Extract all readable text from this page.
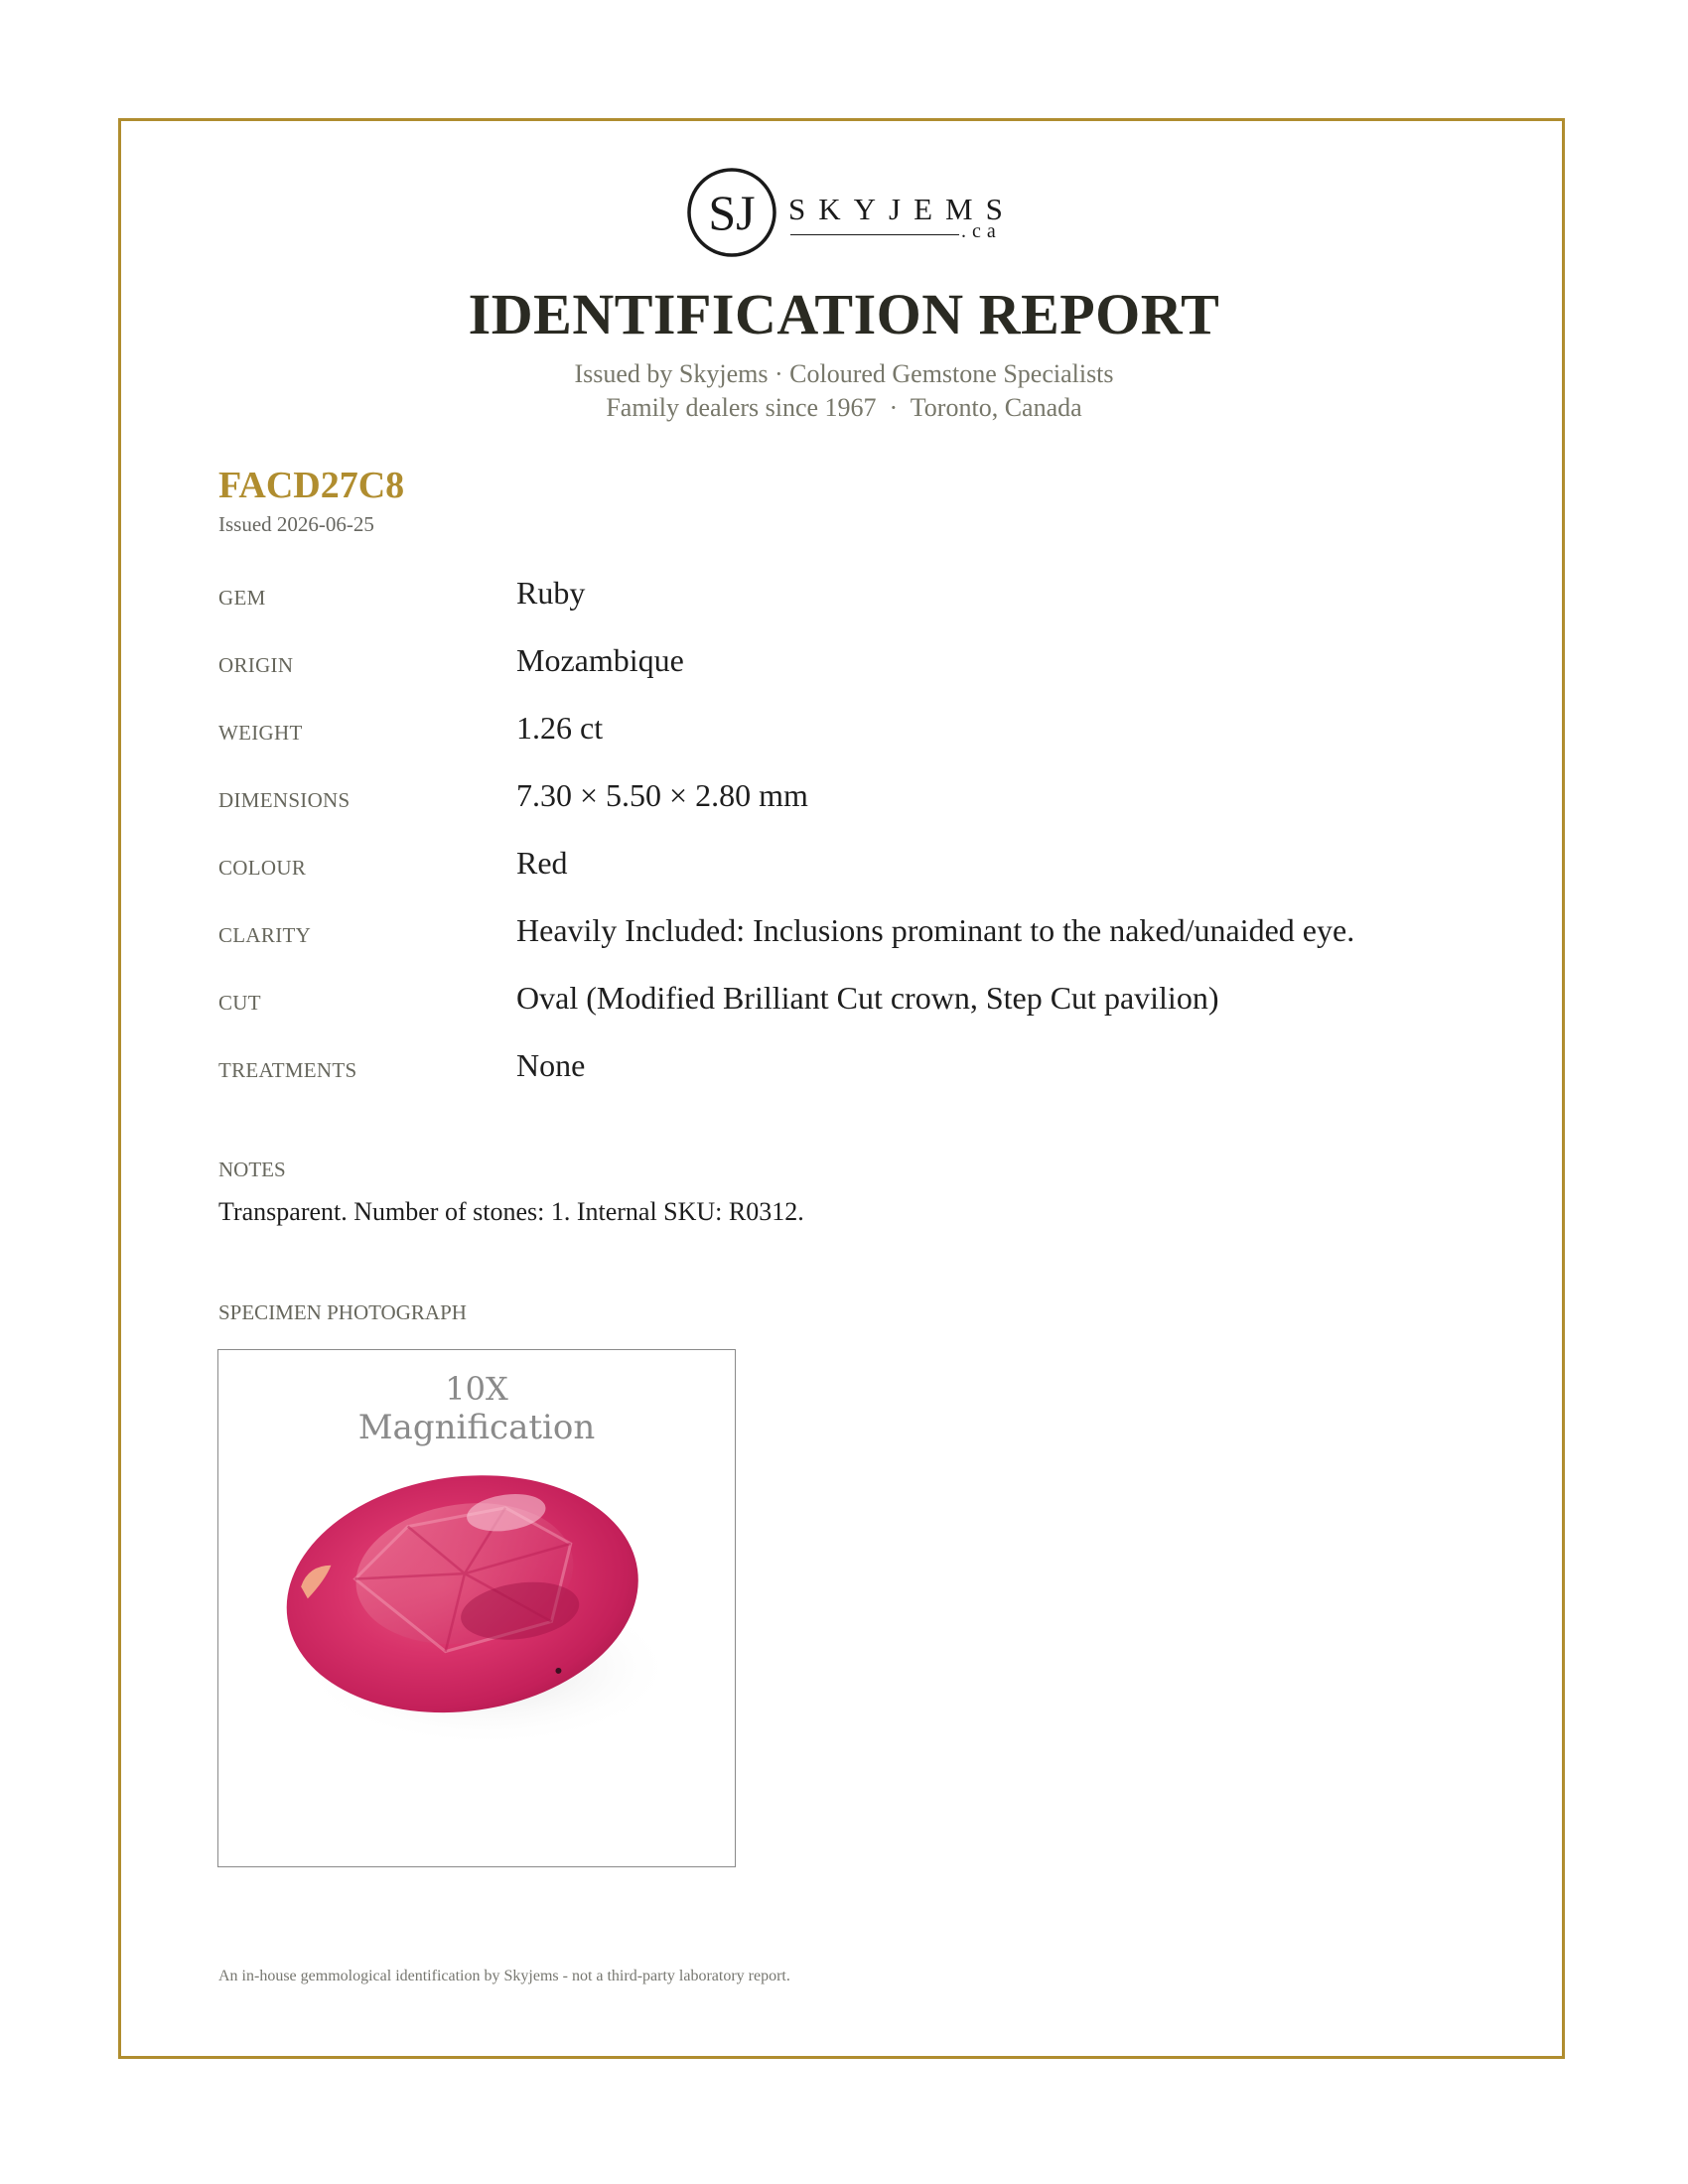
SJ SKYJEMS
.ca
IDENTIFICATION REPORT
Issued by Skyjems · Coloured Gemstone Specialists
Family dealers since 1967  ·  Toronto, Canada
FACD27C8
Issued 2026-06-25
GEM	Ruby
ORIGIN	Mozambique
WEIGHT	1.26 ct
DIMENSIONS	7.30 × 5.50 × 2.80 mm
COLOUR	Red
CLARITY	Heavily Included: Inclusions prominant to the naked/unaided eye.
CUT	Oval (Modified Brilliant Cut crown, Step Cut pavilion)
TREATMENTS	None
NOTES
Transparent. Number of stones: 1. Internal SKU: R0312.
SPECIMEN PHOTOGRAPH
10X
Magnification
An in-house gemmological identification by Skyjems - not a third-party laboratory report.
